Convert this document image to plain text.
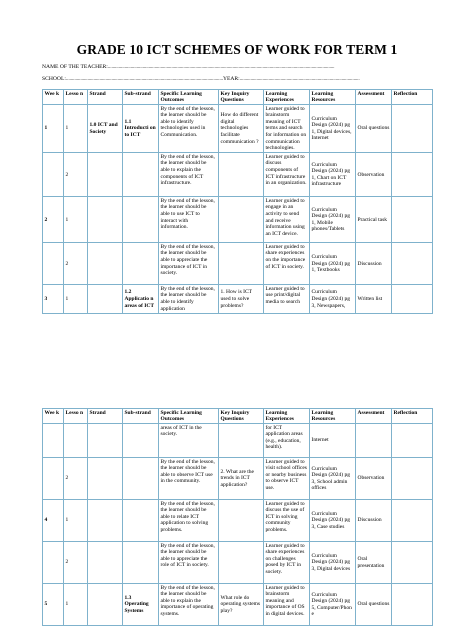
GRADE 10 ICT SCHEMES OF WORK FOR TERM 1
NAME OF THE TEACHER:.............................................................................................................................................................................................
SCHOOL:...................................................................................................................................YEAR:....................................................................................................
Wee k	Lesso n	Strand	Sub-strand	Specific Learning Outcomes	Key Inquiry Questions	Learning Experiences	Learning Resources	Assessment	Reflection
1	1	1.0 ICT and Society	1.1 Introducti on to ICT	By the end of the lesson, the learner should be able to identify technologies used in Communication.	How do different digital technologies facilitate communication ?	Learner guided to brainstorm meaning of ICT terms and search for information on communication technologies.	Curriculum Design (2024) pg 1, Digital devices, Internet	Oral questions	
	2			By the end of the lesson, the learner should be able to explain the components of ICT infrastructure.		Learner guided to discuss components of ICT infrastructure in an organization.	Curriculum Design (2024) pg 1, Chart on ICT infrastructure	Observation	
2	1			By the end of the lesson, the learner should be able to use ICT to interact with information.		Learner guided to engage in an activity to send and receive information using an ICT device.	Curriculum Design (2024) pg 1, Mobile phones/Tablets	Practical task	
	2			By the end of the lesson, the learner should be able to appreciate the importance of ICT in society.		Learner guided to share experiences on the importance of ICT in society.	Curriculum Design (2024) pg 1, Textbooks	Discussion	
3	1		1.2 Applicatio n areas of ICT	By the end of the lesson, the learner should be able to identify application	1. How is ICT used to solve problems?	Learner guided to use print/digital media to search	Curriculum Design (2024) pg 3, Newspapers,	Written list	
Wee k	Lesso n	Strand	Sub-strand	Specific Learning Outcomes	Key Inquiry Questions	Learning Experiences	Learning Resources	Assessment	Reflection
				areas of ICT in the society.		for ICT application areas (e.g., education, health).	Internet		
	2			By the end of the lesson, the learner should be able to observe ICT use in the community.	2. What are the trends in ICT application?	Learner guided to visit school offices or nearby business to observe ICT use.	Curriculum Design (2024) pg 3, School admin offices	Observation	
4	1			By the end of the lesson, the learner should be able to relate ICT application to solving problems.		Learner guided to discuss the use of ICT in solving community problems.	Curriculum Design (2024) pg 3, Case studies	Discussion	
	2			By the end of the lesson, the learner should be able to appreciate the role of ICT in society.		Learner guided to share experiences on challenges posed by ICT in society.	Curriculum Design (2024) pg 3, Digital devices	Oral presentation	
5	1		1.3 Operating Systems	By the end of the lesson, the learner should be able to explain the importance of operating systems.	What role do operating systems play?	Learner guided to brainstorm meaning and importance of OS in digital devices.	Curriculum Design (2024) pg 5, Computer/Phon e	Oral questions	
